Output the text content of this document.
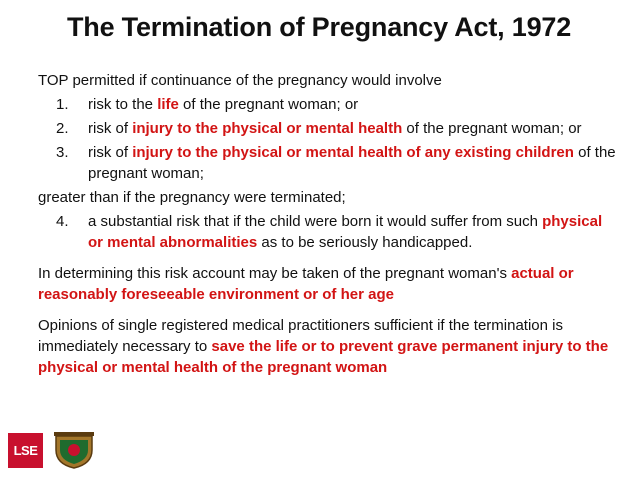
The Termination of Pregnancy Act, 1972

TOP permitted if continuance of the pregnancy would involve

1. risk to the life of the pregnant woman; or
2. risk of injury to the physical or mental health of the pregnant woman; or
3. risk of injury to the physical or mental health of any existing children of the pregnant woman;

greater than if the pregnancy were terminated;

4. a substantial risk that if the child were born it would suffer from such physical or mental abnormalities as to be seriously handicapped.

In determining this risk account may be taken of the pregnant woman's actual or reasonably foreseeable environment or of her age

Opinions of single registered medical practitioners sufficient if the termination is immediately necessary to save the life or to prevent grave permanent injury to the physical or mental health of the pregnant woman

LSE
